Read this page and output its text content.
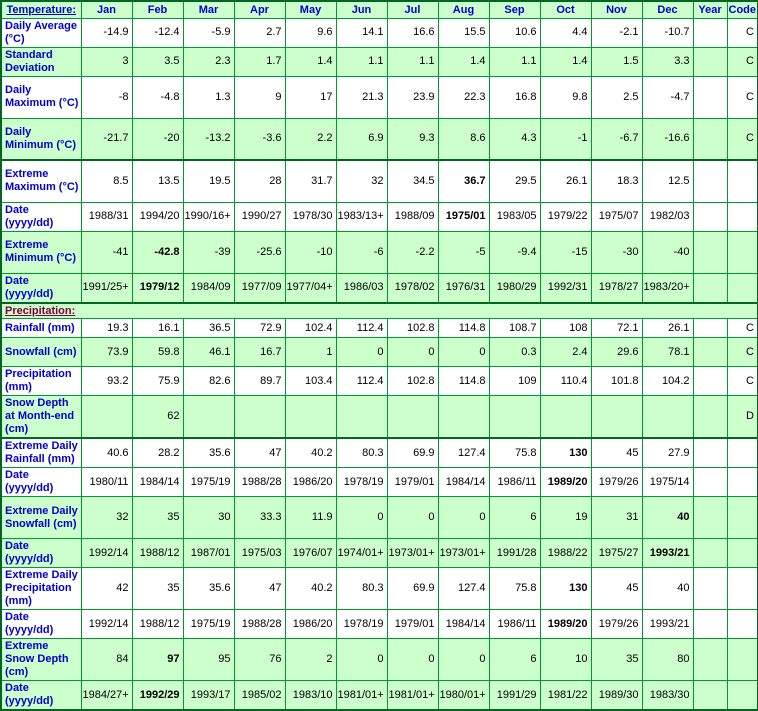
Temperature:	Jan	Feb	Mar	Apr	May	Jun	Jul	Aug	Sep	Oct	Nov	Dec	Year	Code
Daily Average (°C)	-14.9	-12.4	-5.9	2.7	9.6	14.1	16.6	15.5	10.6	4.4	-2.1	-10.7		C
Standard Deviation	3	3.5	2.3	1.7	1.4	1.1	1.1	1.4	1.1	1.4	1.5	3.3		C
Daily Maximum (°C)	-8	-4.8	1.3	9	17	21.3	23.9	22.3	16.8	9.8	2.5	-4.7		C
Daily Minimum (°C)	-21.7	-20	-13.2	-3.6	2.2	6.9	9.3	8.6	4.3	-1	-6.7	-16.6		C
Extreme Maximum (°C)	8.5	13.5	19.5	28	31.7	32	34.5	36.7	29.5	26.1	18.3	12.5		
Date (yyyy/dd)	1988/31	1994/20	1990/16+	1990/27	1978/30	1983/13+	1988/09	1975/01	1983/05	1979/22	1975/07	1982/03		
Extreme Minimum (°C)	-41	-42.8	-39	-25.6	-10	-6	-2.2	-5	-9.4	-15	-30	-40		
Date (yyyy/dd)	1991/25+	1979/12	1984/09	1977/09	1977/04+	1986/03	1978/02	1976/31	1980/29	1992/31	1978/27	1983/20+		
Precipitation:														
Rainfall (mm)	19.3	16.1	36.5	72.9	102.4	112.4	102.8	114.8	108.7	108	72.1	26.1		C
Snowfall (cm)	73.9	59.8	46.1	16.7	1	0	0	0	0.3	2.4	29.6	78.1		C
Precipitation (mm)	93.2	75.9	82.6	89.7	103.4	112.4	102.8	114.8	109	110.4	101.8	104.2		C
Snow Depth at Month-end (cm)		62												D
Extreme Daily Rainfall (mm)	40.6	28.2	35.6	47	40.2	80.3	69.9	127.4	75.8	130	45	27.9		
Date (yyyy/dd)	1980/11	1984/14	1975/19	1988/28	1986/20	1978/19	1979/01	1984/14	1986/11	1989/20	1979/26	1975/14		
Extreme Daily Snowfall (cm)	32	35	30	33.3	11.9	0	0	0	6	19	31	40		
Date (yyyy/dd)	1992/14	1988/12	1987/01	1975/03	1976/07	1974/01+	1973/01+	1973/01+	1991/28	1988/22	1975/27	1993/21		
Extreme Daily Precipitation (mm)	42	35	35.6	47	40.2	80.3	69.9	127.4	75.8	130	45	40		
Date (yyyy/dd)	1992/14	1988/12	1975/19	1988/28	1986/20	1978/19	1979/01	1984/14	1986/11	1989/20	1979/26	1993/21		
Extreme Snow Depth (cm)	84	97	95	76	2	0	0	0	6	10	35	80		
Date (yyyy/dd)	1984/27+	1992/29	1993/17	1985/02	1983/10	1981/01+	1981/01+	1980/01+	1991/29	1981/22	1989/30	1983/30		
